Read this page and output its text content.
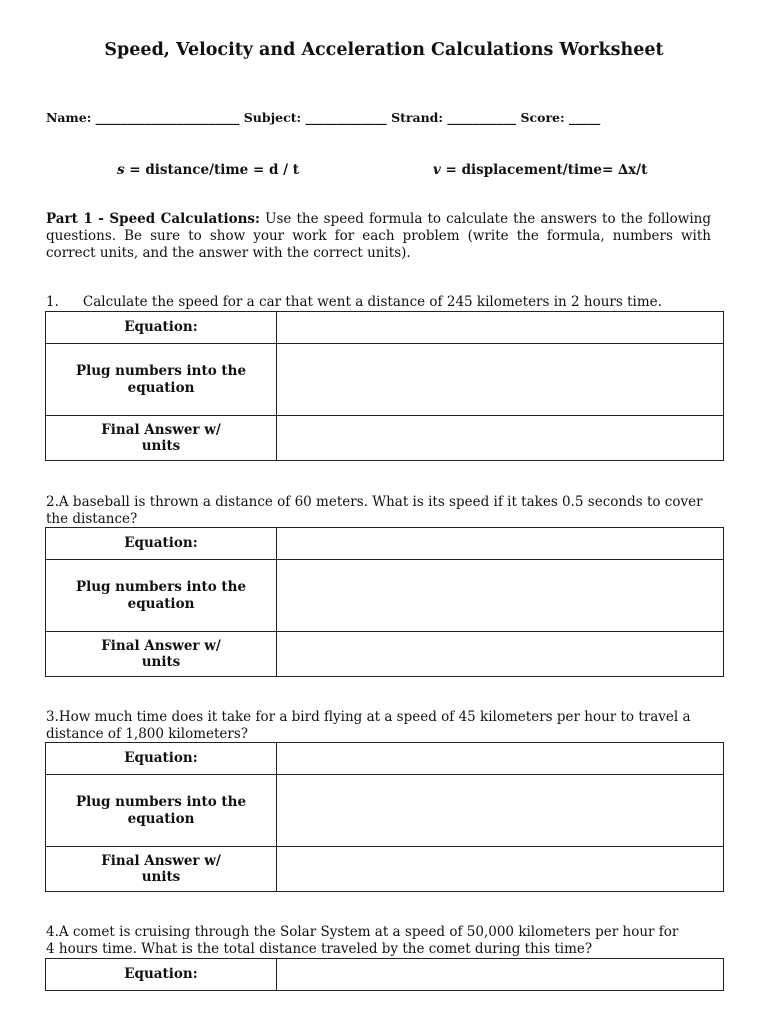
Speed, Velocity and Acceleration Calculations Worksheet
Name: _______________________ Subject: _____________ Strand: ___________ Score: _____
s = distance/time = d / t	v = displacement/time= ∆x/t
Part 1 - Speed Calculations: Use the speed formula to calculate the answers to the following questions. Be sure to show your work for each problem (write the formula, numbers with correct units, and the answer with the correct units).
1. Calculate the speed for a car that went a distance of 245 kilometers in 2 hours time.
Equation:	
Plug numbers into the equation	
Final Answer w/ units	
2.A baseball is thrown a distance of 60 meters. What is its speed if it takes 0.5 seconds to cover the distance?
Equation:	
Plug numbers into the equation	
Final Answer w/ units	
3.How much time does it take for a bird flying at a speed of 45 kilometers per hour to travel a distance of 1,800 kilometers?
Equation:	
Plug numbers into the equation	
Final Answer w/ units	
4.A comet is cruising through the Solar System at a speed of 50,000 kilometers per hour for 4 hours time. What is the total distance traveled by the comet during this time?
Equation:	
